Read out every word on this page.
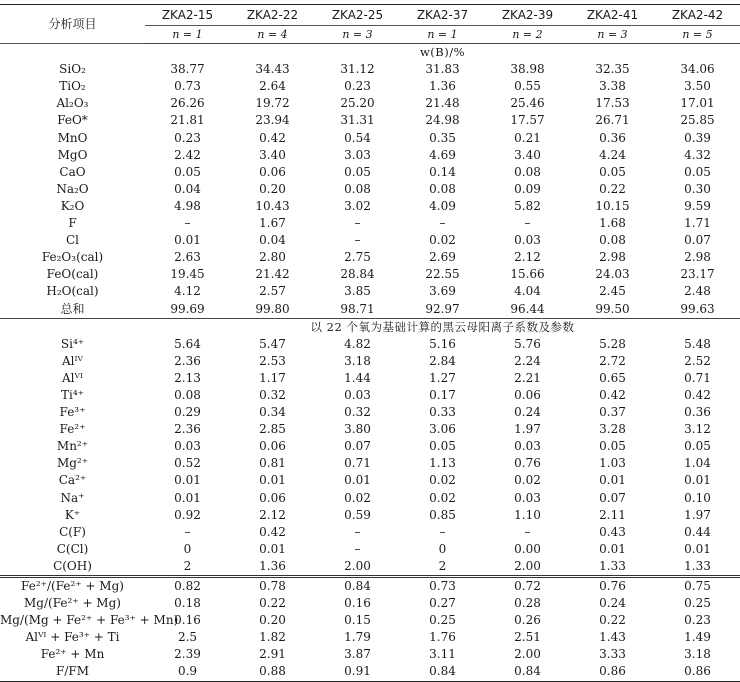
分析项目	ZKA2-15	ZKA2-22	ZKA2-25	ZKA2-37	ZKA2-39	ZKA2-41	ZKA2-42
	n = 1	n = 4	n = 3	n = 1	n = 2	n = 3	n = 5
	w(B)/%						
SiO₂	38.77	34.43	31.12	31.83	38.98	32.35	34.06
TiO₂	0.73	2.64	0.23	1.36	0.55	3.38	3.50
Al₂O₃	26.26	19.72	25.20	21.48	25.46	17.53	17.01
FeO*	21.81	23.94	31.31	24.98	17.57	26.71	25.85
MnO	0.23	0.42	0.54	0.35	0.21	0.36	0.39
MgO	2.42	3.40	3.03	4.69	3.40	4.24	4.32
CaO	0.05	0.06	0.05	0.14	0.08	0.05	0.05
Na₂O	0.04	0.20	0.08	0.08	0.09	0.22	0.30
K₂O	4.98	10.43	3.02	4.09	5.82	10.15	9.59
F	–	1.67	–	–	–	1.68	1.71
Cl	0.01	0.04	–	0.02	0.03	0.08	0.07
Fe₂O₃(cal)	2.63	2.80	2.75	2.69	2.12	2.98	2.98
FeO(cal)	19.45	21.42	28.84	22.55	15.66	24.03	23.17
H₂O(cal)	4.12	2.57	3.85	3.69	4.04	2.45	2.48
总和	99.69	99.80	98.71	92.97	96.44	99.50	99.63
	以 22 个氧为基础计算的黑云母阳离子系数及参数						
Si⁴⁺	5.64	5.47	4.82	5.16	5.76	5.28	5.48
Alᴵⱽ	2.36	2.53	3.18	2.84	2.24	2.72	2.52
Alⱽᴵ	2.13	1.17	1.44	1.27	2.21	0.65	0.71
Ti⁴⁺	0.08	0.32	0.03	0.17	0.06	0.42	0.42
Fe³⁺	0.29	0.34	0.32	0.33	0.24	0.37	0.36
Fe²⁺	2.36	2.85	3.80	3.06	1.97	3.28	3.12
Mn²⁺	0.03	0.06	0.07	0.05	0.03	0.05	0.05
Mg²⁺	0.52	0.81	0.71	1.13	0.76	1.03	1.04
Ca²⁺	0.01	0.01	0.01	0.02	0.02	0.01	0.01
Na⁺	0.01	0.06	0.02	0.02	0.03	0.07	0.10
K⁺	0.92	2.12	0.59	0.85	1.10	2.11	1.97
C(F)	–	0.42	–	–	–	0.43	0.44
C(Cl)	0	0.01	–	0	0.00	0.01	0.01
C(OH)	2	1.36	2.00	2	2.00	1.33	1.33
Fe²⁺/(Fe²⁺ + Mg)	0.82	0.78	0.84	0.73	0.72	0.76	0.75
Mg/(Fe²⁺ + Mg)	0.18	0.22	0.16	0.27	0.28	0.24	0.25
Mg/(Mg + Fe²⁺ + Fe³⁺ + Mn)	0.16	0.20	0.15	0.25	0.26	0.22	0.23
Alⱽᴵ + Fe³⁺ + Ti	2.5	1.82	1.79	1.76	2.51	1.43	1.49
Fe²⁺ + Mn	2.39	2.91	3.87	3.11	2.00	3.33	3.18
F/FM	0.9	0.88	0.91	0.84	0.84	0.86	0.86
